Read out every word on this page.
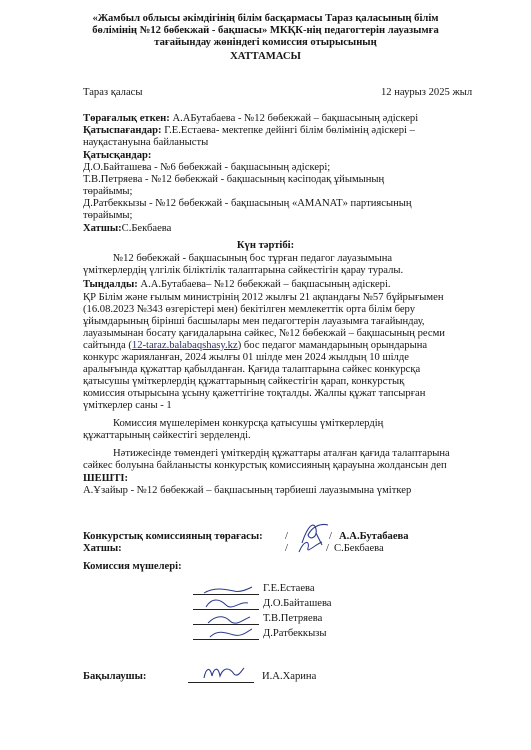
«Жамбыл облысы әкімдігінің білім басқармасы Тараз қаласының білім
бөлімінің №12 бөбекжай - бақшасы» МКҚК-нің педагогтерін лауазымға
тағайындау жөніндегі комиссия отырысының
ХАТТАМАСЫ
Тараз қаласы	12 наурыз 2025 жыл
Төрағалық еткен: А.АБутабаева - №12 бөбекжай – бақшасының әдіскері
Қатыспағандар: Г.Е.Естаева- мектепке дейінгі білім бөлімінің әдіскері –
науқастануына байланысты
Қатысқандар:
Д.О.Байташева - №6 бөбекжай - бақшасының әдіскері;
Т.В.Петряева - №12 бөбекжай - бақшасының кәсіподақ ұйымының
төрайымы;
Д.Ратбеккызы - №12 бөбекжай - бақшасының «AMANAT» партиясының
төрайымы;
Хатшы:С.Бекбаева
Күн тәртібі:
№12 бөбекжай - бақшасының бос тұрған педагог лауазымына
үміткерлердің үлгілік біліктілік талаптарына сәйкестігін қарау туралы.
Тыңдалды: А.А.Бутабаева– №12 бөбекжай – бақшасының әдіскері.
ҚР Білім және ғылым министрінің 2012 жылғы 21 ақпандағы №57 бұйрығымен
(16.08.2023 №343 өзгерістері мен) бекітілген мемлекеттік орта білім беру
ұйымдарының бірінші басшылары мен педагогтерін лауазымға тағайындау,
лауазымынан босату қағидаларына сәйкес, №12 бөбекжай – бақшасының ресми
сайтында (12-taraz.balabaqshasy.kz) бос педагог мамандарының орындарына
конкурс жарияланған, 2024 жылғы 01 шілде мен 2024 жылдың 10 шілде
аралығында құжаттар қабылданған. Қағида талаптарына сәйкес конкурсқа
қатысушы үміткерлердің құжаттарының сәйкестігін қарап, конкурстық
комиссия отырысына ұсыну қажеттігіне тоқталды. Жалпы құжат тапсырған
үміткерлер саны - 1
Комиссия мүшелерімен конкурсқа қатысушы үміткерлердің
құжаттарының сәйкестігі зерделенді.
Нәтижесінде төмендегі үміткердің құжаттары аталған қағида талаптарына
сәйкес болуына байланысты конкурстық комиссияның қарауына жолдансын деп
ШЕШТІ:
А.Ұзайыр - №12 бөбекжай – бақшасының тәрбиеші лауазымына үміткер
Конкурстық комиссияның төрағасы: /	/ А.А.Бутабаева
Хатшы:	/	/ С.Бекбаева
Комиссия мүшелері:
Г.Е.Естаева
Д.О.Байташева
Т.В.Петряева
Д.Ратбеккызы
Бақылаушы:	И.А.Харина
